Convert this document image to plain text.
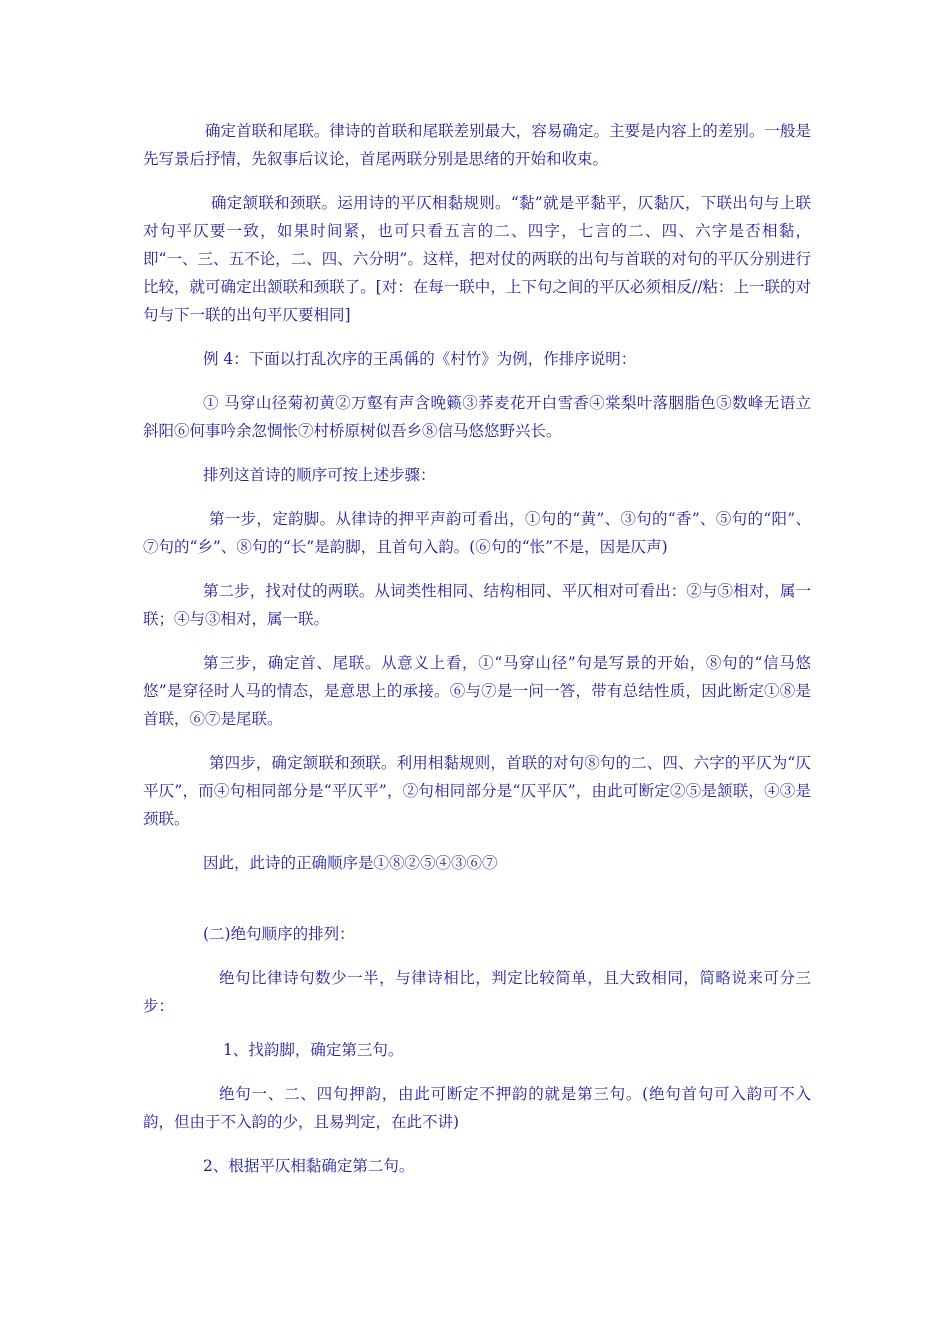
确定首联和尾联。律诗的首联和尾联差别最大，容易确定。主要是内容上的差别。一般是先写景后抒情，先叙事后议论，首尾两联分别是思绪的开始和收束。

确定颔联和颈联。运用诗的平仄相黏规则。“黏”就是平黏平，仄黏仄，下联出句与上联对句平仄要一致，如果时间紧，也可只看五言的二、四字，七言的二、四、六字是否相黏，即“一、三、五不论，二、四、六分明”。这样，把对仗的两联的出句与首联的对句的平仄分别进行比较，就可确定出颔联和颈联了。[对：在每一联中，上下句之间的平仄必须相反//粘：上一联的对句与下一联的出句平仄要相同]

例 4：下面以打乱次序的王禹偁的《村竹》为例，作排序说明：

① 马穿山径菊初黄②万壑有声含晚籁③荞麦花开白雪香④棠梨叶落胭脂色⑤数峰无语立斜阳⑥何事吟余忽惆怅⑦村桥原树似吾乡⑧信马悠悠野兴长。

排列这首诗的顺序可按上述步骤：

第一步，定韵脚。从律诗的押平声韵可看出，①句的“黄”、③句的“香”、⑤句的“阳”、⑦句的“乡”、⑧句的“长”是韵脚，且首句入韵。(⑥句的“怅”不是，因是仄声)

第二步，找对仗的两联。从词类性相同、结构相同、平仄相对可看出：②与⑤相对，属一联；④与③相对，属一联。

第三步，确定首、尾联。从意义上看，①“马穿山径”句是写景的开始，⑧句的“信马悠悠”是穿径时人马的情态，是意思上的承接。⑥与⑦是一问一答，带有总结性质，因此断定①⑧是首联，⑥⑦是尾联。

第四步，确定颔联和颈联。利用相黏规则，首联的对句⑧句的二、四、六字的平仄为“仄平仄”，而④句相同部分是“平仄平”，②句相同部分是“仄平仄”，由此可断定②⑤是颔联，④③是颈联。

因此，此诗的正确顺序是①⑧②⑤④③⑥⑦

(二)绝句顺序的排列：

绝句比律诗句数少一半，与律诗相比，判定比较简单，且大致相同，简略说来可分三步：

1、找韵脚，确定第三句。

绝句一、二、四句押韵，由此可断定不押韵的就是第三句。(绝句首句可入韵可不入韵，但由于不入韵的少，且易判定，在此不讲)

2、根据平仄相黏确定第二句。
